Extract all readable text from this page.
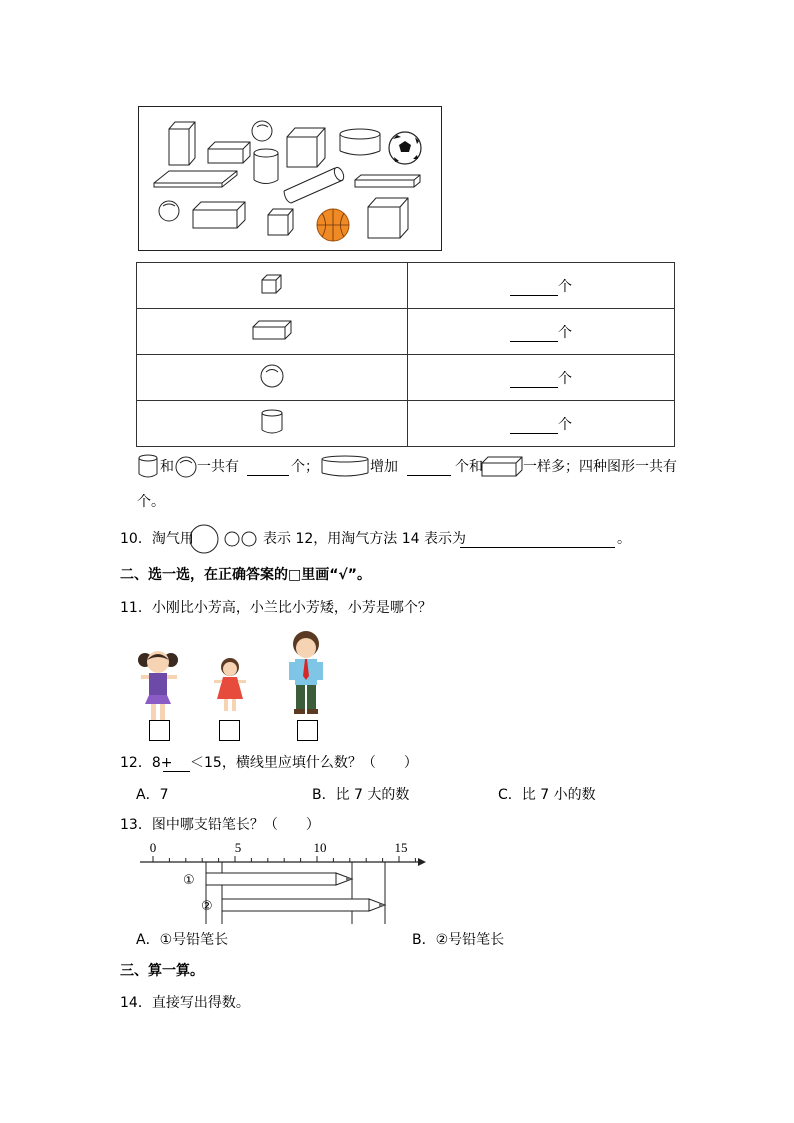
	个
	个
	个
	个
和 一共有	个；	增加	个和	一样多；四种图形一共有
个。
10．淘气用	表示 12，用淘气方法 14 表示为	。
二、选一选，在正确答案的□里画“√”。
11．小刚比小芳高，小兰比小芳矮，小芳是哪个？
12．8+ ＜15，横线里应填什么数？（　　）
A．7	B．比 7 大的数	C．比 7 小的数
13．图中哪支铅笔长？（　　）
0	5	10	15
①
②
A．①号铅笔长	B．②号铅笔长
三、算一算。
14．直接写出得数。
